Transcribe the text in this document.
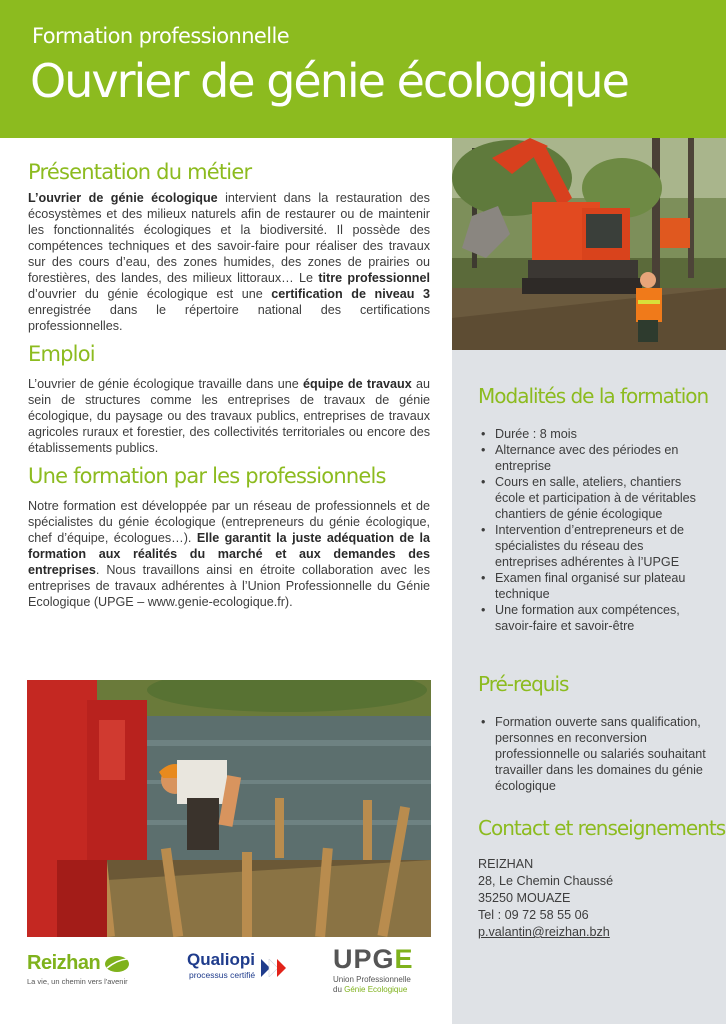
Formation professionnelle
Ouvrier de génie écologique
Présentation du métier

L’ouvrier de génie écologique intervient dans la restauration des écosystèmes et des milieux naturels afin de restaurer ou de maintenir les fonctionnalités écologiques et la biodiversité. Il possède des compétences techniques et des savoir-faire pour réaliser des travaux sur des cours d’eau, des zones humides, des zones de prairies ou forestières, des landes, des milieux littoraux… Le titre professionnel d’ouvrier du génie écologique est une certification de niveau 3 enregistrée dans le répertoire national des certifications professionnelles.

Emploi

L’ouvrier de génie écologique travaille dans une équipe de travaux au sein de structures comme les entreprises de travaux de génie écologique, du paysage ou des travaux publics, entreprises de travaux agricoles ruraux et forestier, des collectivités territoriales ou encore des établissements publics.

Une formation par les professionnels

Notre formation est développée par un réseau de professionnels et de spécialistes du génie écologique (entrepreneurs du génie écologique, chef d’équipe, écologues…). Elle garantit la juste adéquation de la formation aux réalités du marché et aux demandes des entreprises. Nous travaillons ainsi en étroite collaboration avec les entreprises de travaux adhérentes à l’Union Professionnelle du Génie Ecologique (UPGE – www.genie-ecologique.fr).

Modalités de la formation
• Durée : 8 mois
• Alternance avec des périodes en entreprise
• Cours en salle, ateliers, chantiers école et participation à de véritables chantiers de génie écologique
• Intervention d’entrepreneurs et de spécialistes du réseau des entreprises adhérentes à l’UPGE
• Examen final organisé sur plateau technique
• Une formation aux compétences, savoir-faire et savoir-être
Pré-requis
• Formation ouverte sans qualification, personnes en reconversion professionnelle ou salariés souhaitant travailler dans les domaines du génie écologique
Contact et renseignements
REIZHAN
28, Le Chemin Chaussé
35250 MOUAZE
Tel : 09 72 58 55 06
p.valantin@reizhan.bzh
Reizhan
La vie, un chemin vers l'avenir
Qualiopi
processus certifié
UPGE
Union Professionnelle
du Génie Ecologique
